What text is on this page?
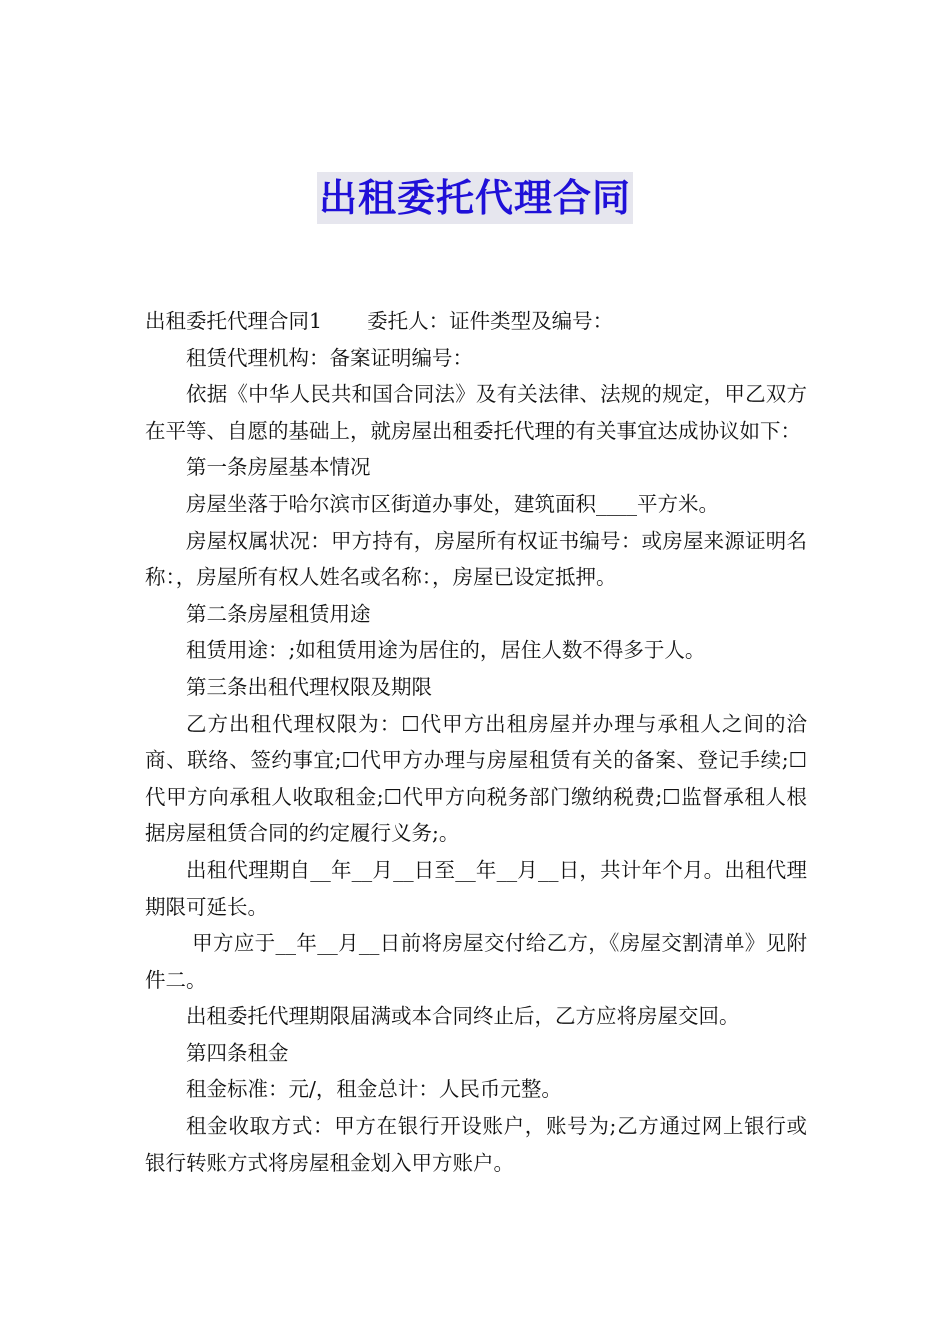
出租委托代理合同

出租委托代理合同1 委托人：证件类型及编号：

租赁代理机构：备案证明编号：

依据《中华人民共和国合同法》及有关法律、法规的规定，甲乙双方在平等、自愿的基础上，就房屋出租委托代理的有关事宜达成协议如下：

第一条房屋基本情况

房屋坐落于哈尔滨市区街道办事处，建筑面积____平方米。

房屋权属状况：甲方持有，房屋所有权证书编号：或房屋来源证明名称：，房屋所有权人姓名或名称：，房屋已设定抵押。

第二条房屋租赁用途

租赁用途：;如租赁用途为居住的，居住人数不得多于人。

第三条出租代理权限及期限

乙方出租代理权限为：☐代甲方出租房屋并办理与承租人之间的洽商、联络、签约事宜;☐代甲方办理与房屋租赁有关的备案、登记手续;☐代甲方向承租人收取租金;☐代甲方向税务部门缴纳税费;☐监督承租人根据房屋租赁合同的约定履行义务;。

出租代理期自__年__月__日至__年__月__日，共计年个月。出租代理期限可延长。

甲方应于__年__月__日前将房屋交付给乙方，《房屋交割清单》见附件二。

出租委托代理期限届满或本合同终止后，乙方应将房屋交回。

第四条租金

租金标准：元/，租金总计：人民币元整。

租金收取方式：甲方在银行开设账户，账号为;乙方通过网上银行或银行转账方式将房屋租金划入甲方账户。
